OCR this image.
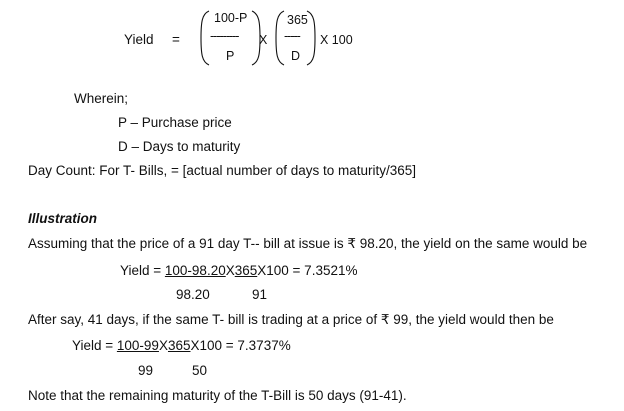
Yield =
100-P
---------
P
X
365
-----
D
X 100
Wherein;
P – Purchase price
D – Days to maturity
Day Count: For T- Bills, = [actual number of days to maturity/365]
Illustration
Assuming that the price of a 91 day T-- bill at issue is ₹ 98.20, the yield on the same would be
Yield = 100-98.20X365X100 = 7.3521%
98.20	91
After say, 41 days, if the same T- bill is trading at a price of ₹ 99, the yield would then be
Yield = 100-99X365X100 = 7.3737%
99	50
Note that the remaining maturity of the T-Bill is 50 days (91-41).
